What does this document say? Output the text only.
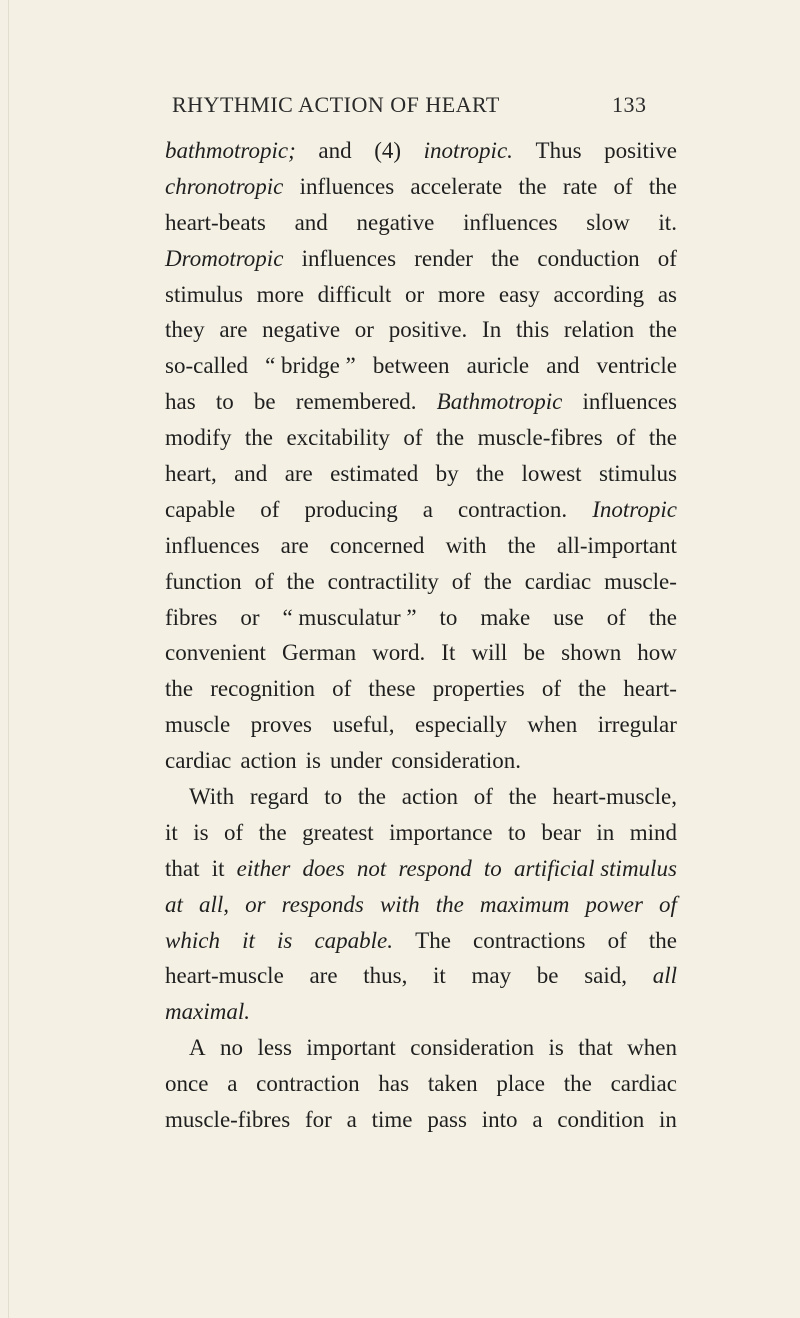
RHYTHMIC ACTION OF HEART	133
bathmotropic; and (4) inotropic. Thus positive
chronotropic influences accelerate the rate of the
heart-beats and negative influences slow it.
Dromotropic influences render the conduction of
stimulus more difficult or more easy according as
they are negative or positive. In this relation the
so-called “ bridge ” between auricle and ventricle
has to be remembered. Bathmotropic influences
modify the excitability of the muscle-fibres of the
heart, and are estimated by the lowest stimulus
capable of producing a contraction. Inotropic
influences are concerned with the all-important
function of the contractility of the cardiac muscle-
fibres or “ musculatur ” to make use of the
convenient German word. It will be shown how
the recognition of these properties of the heart-
muscle proves useful, especially when irregular
cardiac action is under consideration.
With regard to the action of the heart-muscle,
it is of the greatest importance to bear in mind
that it either does not respond to artificial stimulus
at all, or responds with the maximum power of
which it is capable. The contractions of the
heart-muscle are thus, it may be said, all
maximal.
A no less important consideration is that when
once a contraction has taken place the cardiac
muscle-fibres for a time pass into a condition in
